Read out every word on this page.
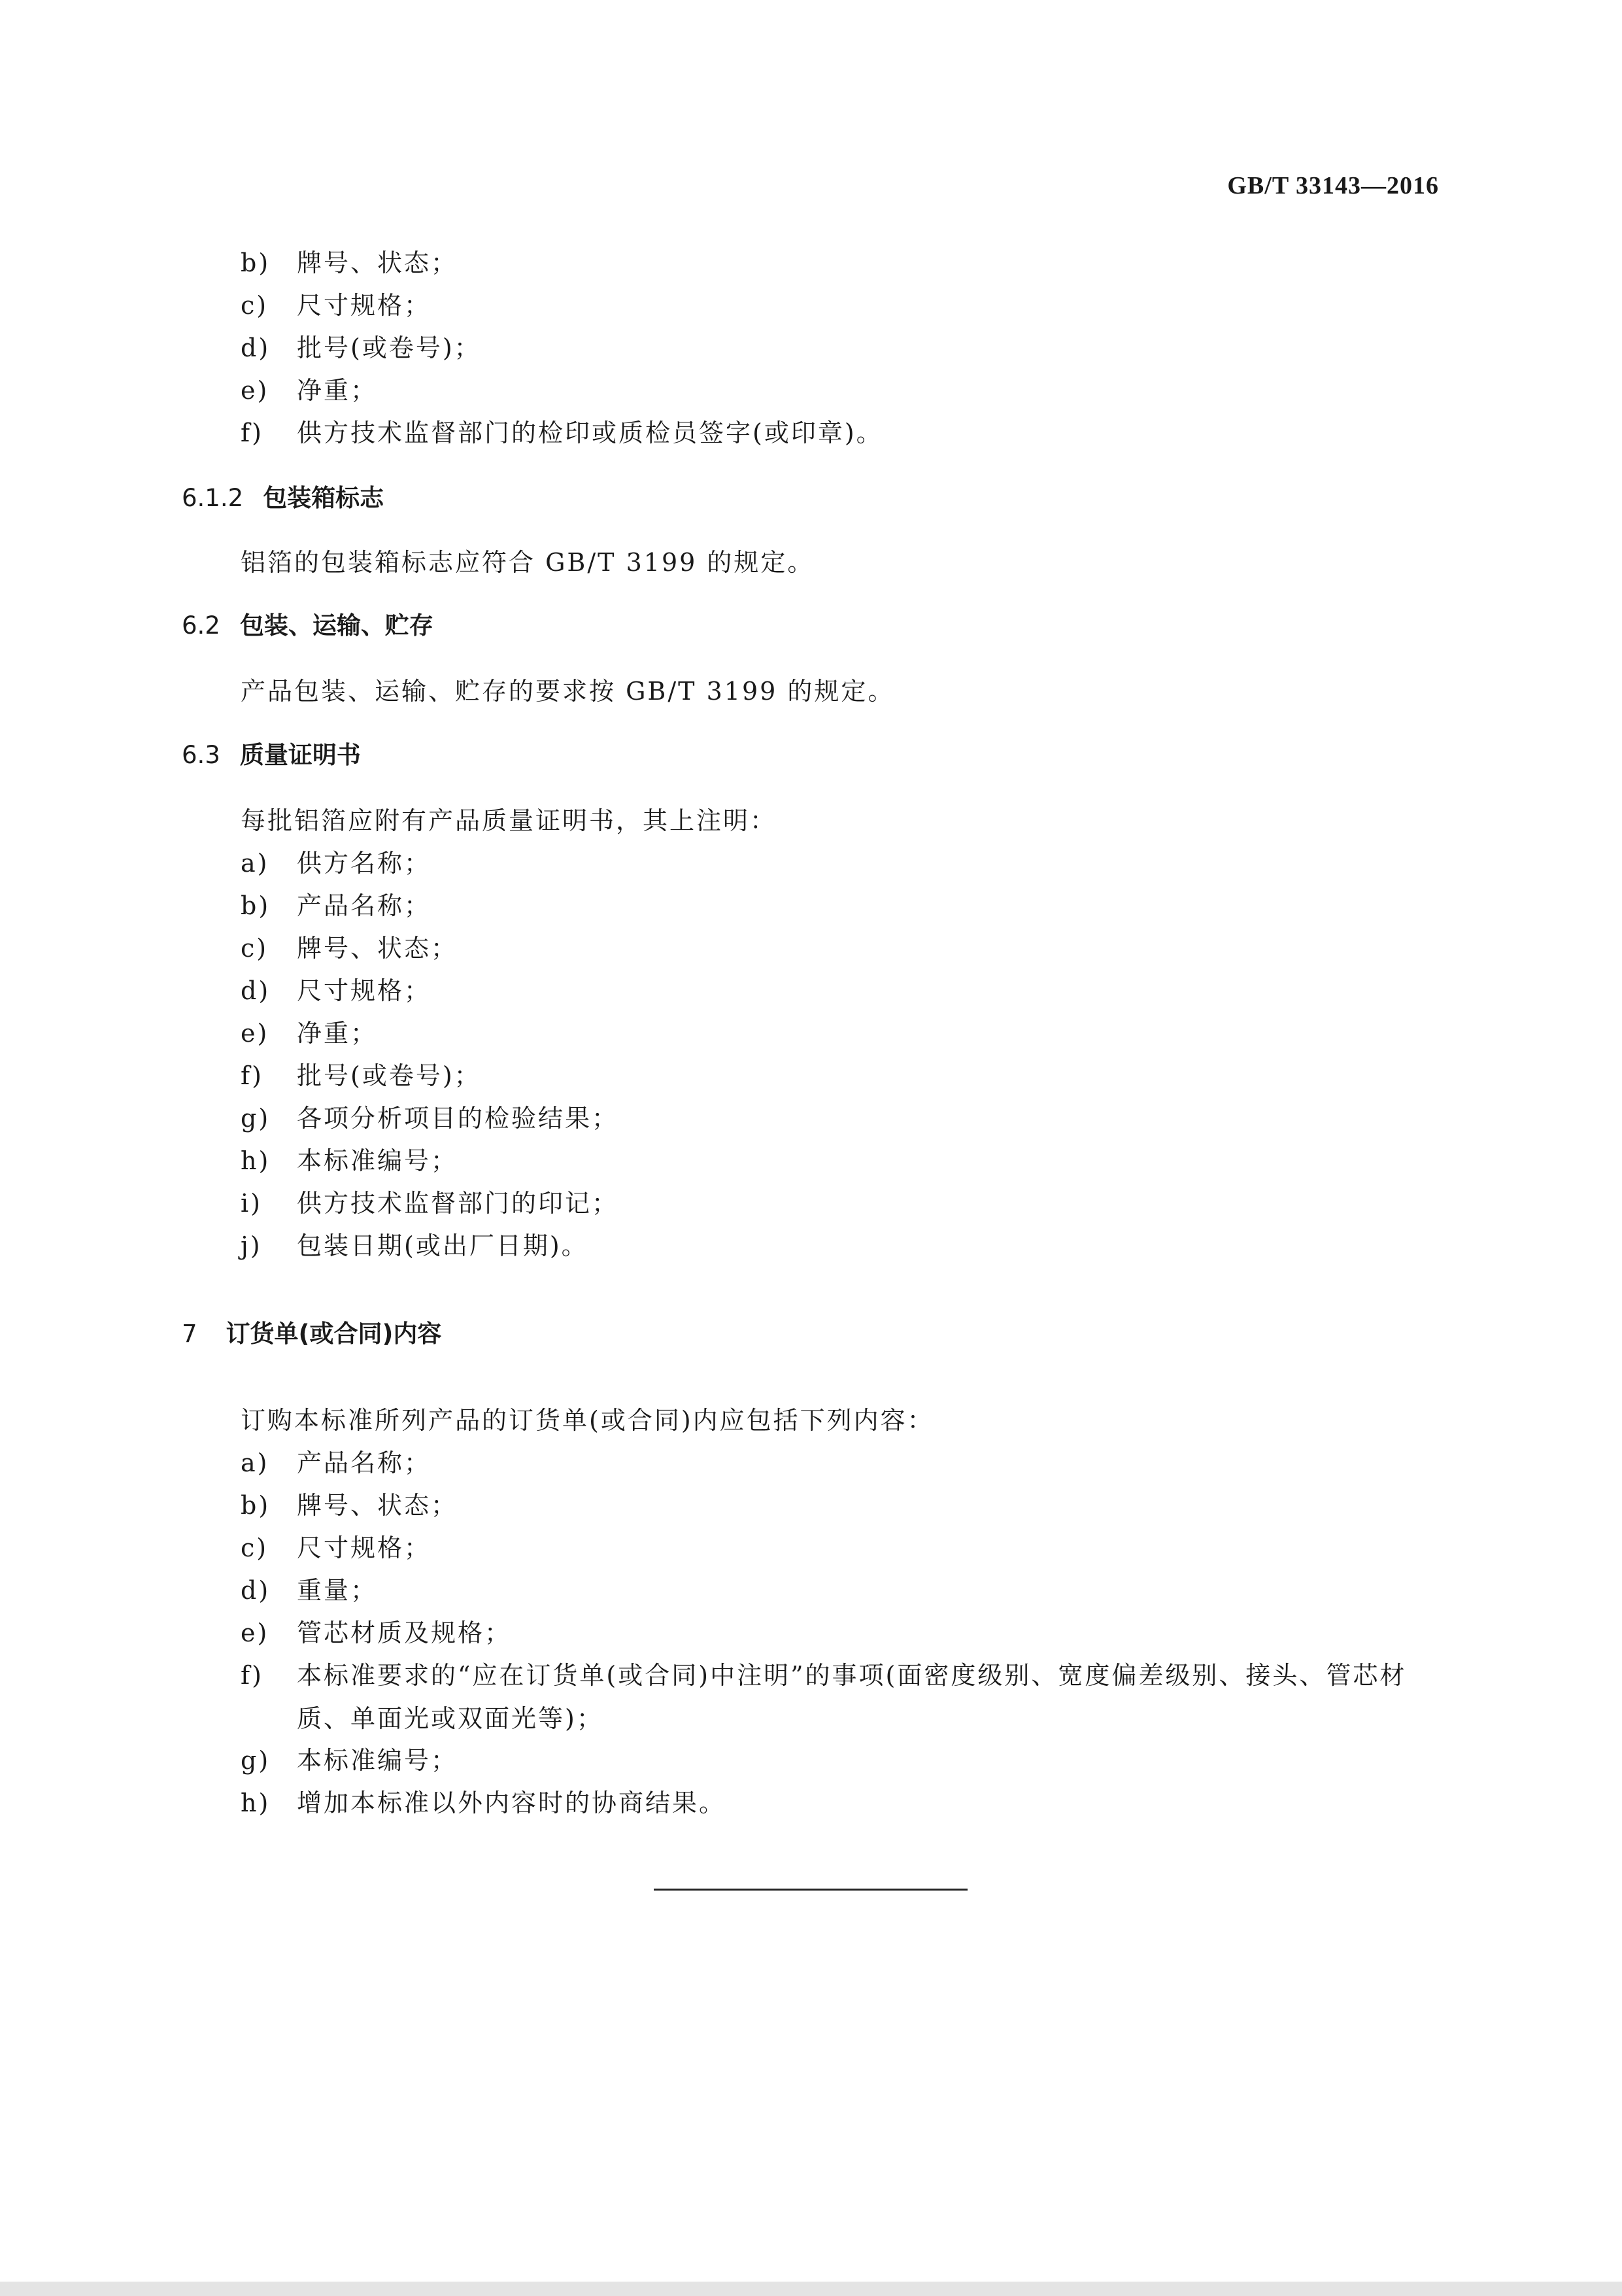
GB/T 33143—2016
b) 牌号、状态；
c) 尺寸规格；
d) 批号(或卷号)；
e) 净重；
f) 供方技术监督部门的检印或质检员签字(或印章)。
6.1.2 包装箱标志
铝箔的包装箱标志应符合 GB/T 3199 的规定。
6.2 包装、运输、贮存
产品包装、运输、贮存的要求按 GB/T 3199 的规定。
6.3 质量证明书
每批铝箔应附有产品质量证明书，其上注明：
a) 供方名称；
b) 产品名称；
c) 牌号、状态；
d) 尺寸规格；
e) 净重；
f) 批号(或卷号)；
g) 各项分析项目的检验结果；
h) 本标准编号；
i) 供方技术监督部门的印记；
j) 包装日期(或出厂日期)。
7 订货单(或合同)内容
订购本标准所列产品的订货单(或合同)内应包括下列内容：
a) 产品名称；
b) 牌号、状态；
c) 尺寸规格；
d) 重量；
e) 管芯材质及规格；
f) 本标准要求的“应在订货单(或合同)中注明”的事项(面密度级别、宽度偏差级别、接头、管芯材质、单面光或双面光等)；
g) 本标准编号；
h) 增加本标准以外内容时的协商结果。
